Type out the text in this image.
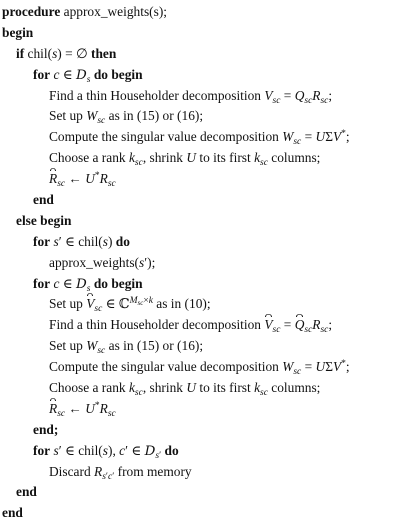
procedure approx_weights(s);
begin
if chil(s) = ∅ then
for c ∈ $D_s$ do begin
Find a thin Householder decomposition $V_{sc} = Q_{sc}R_{sc}$;
Set up $W_{sc}$ as in (15) or (16);
Compute the singular value decomposition $W_{sc} = U\Sigma V^*$;
Choose a rank $k_{sc}$, shrink U to its first $k_{sc}$ columns;
$R_{sc}$ ← $U^*R_{sc}$
end
else begin
for s′ ∈ chil(s) do
approx_weights(s′);
for c ∈ $D_s$ do begin
Set up $V_{sc}$ ∈ ℂ$^{M_{sc}\times k}$ as in (10);
Find a thin Householder decomposition $V_{sc} = Q_{sc}R_{sc}$;
Set up $W_{sc}$ as in (15) or (16);
Compute the singular value decomposition $W_{sc} = U\Sigma V^*$;
Choose a rank $k_{sc}$, shrink U to its first $k_{sc}$ columns;
$R_{sc}$ ← $U^*R_{sc}$
end;
for s′ ∈ chil(s), c′ ∈ $D_{s'}$ do
Discard $R_{s'c'}$ from memory
end
end
